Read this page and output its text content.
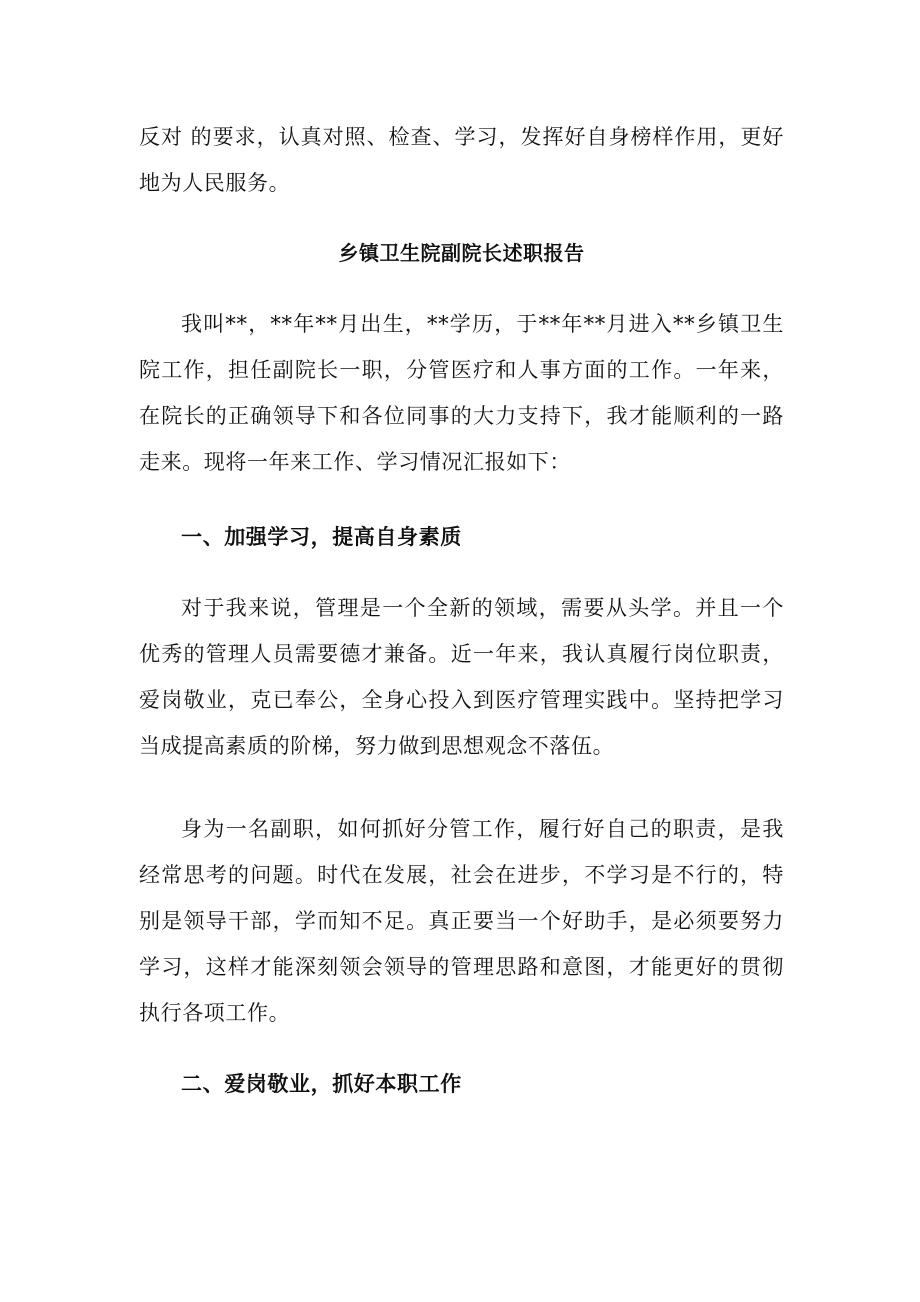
反对 的要求，认真对照、检查、学习，发挥好自身榜样作用，更好地为人民服务。

乡镇卫生院副院长述职报告

我叫**，**年**月出生，**学历，于**年**月进入**乡镇卫生院工作，担任副院长一职，分管医疗和人事方面的工作。一年来，在院长的正确领导下和各位同事的大力支持下，我才能顺利的一路走来。现将一年来工作、学习情况汇报如下：

一、加强学习，提高自身素质

对于我来说，管理是一个全新的领域，需要从头学。并且一个优秀的管理人员需要德才兼备。近一年来，我认真履行岗位职责，爱岗敬业，克已奉公，全身心投入到医疗管理实践中。坚持把学习当成提高素质的阶梯，努力做到思想观念不落伍。

身为一名副职，如何抓好分管工作，履行好自己的职责，是我经常思考的问题。时代在发展，社会在进步，不学习是不行的，特别是领导干部，学而知不足。真正要当一个好助手，是必须要努力学习，这样才能深刻领会领导的管理思路和意图，才能更好的贯彻执行各项工作。

二、爱岗敬业，抓好本职工作
